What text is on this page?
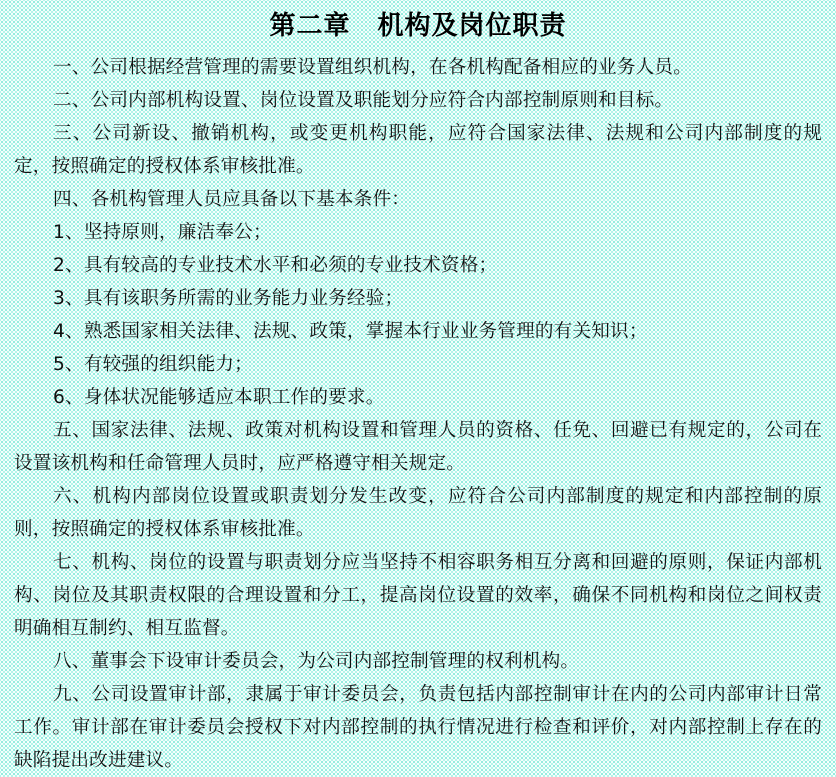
第二章　机构及岗位职责

一、公司根据经营管理的需要设置组织机构，在各机构配备相应的业务人员。

二、公司内部机构设置、岗位设置及职能划分应符合内部控制原则和目标。

三、公司新设、撤销机构，或变更机构职能，应符合国家法律、法规和公司内部制度的规定，按照确定的授权体系审核批准。

四、各机构管理人员应具备以下基本条件：

1、坚持原则，廉洁奉公；

2、具有较高的专业技术水平和必须的专业技术资格；

3、具有该职务所需的业务能力业务经验；

4、熟悉国家相关法律、法规、政策，掌握本行业业务管理的有关知识；

5、有较强的组织能力；

6、身体状况能够适应本职工作的要求。

五、国家法律、法规、政策对机构设置和管理人员的资格、任免、回避已有规定的，公司在设置该机构和任命管理人员时，应严格遵守相关规定。

六、机构内部岗位设置或职责划分发生改变，应符合公司内部制度的规定和内部控制的原则，按照确定的授权体系审核批准。

七、机构、岗位的设置与职责划分应当坚持不相容职务相互分离和回避的原则，保证内部机构、岗位及其职责权限的合理设置和分工，提高岗位设置的效率，确保不同机构和岗位之间权责明确相互制约、相互监督。

八、董事会下设审计委员会，为公司内部控制管理的权利机构。

九、公司设置审计部，隶属于审计委员会，负责包括内部控制审计在内的公司内部审计日常工作。审计部在审计委员会授权下对内部控制的执行情况进行检查和评价，对内部控制上存在的缺陷提出改进建议。
